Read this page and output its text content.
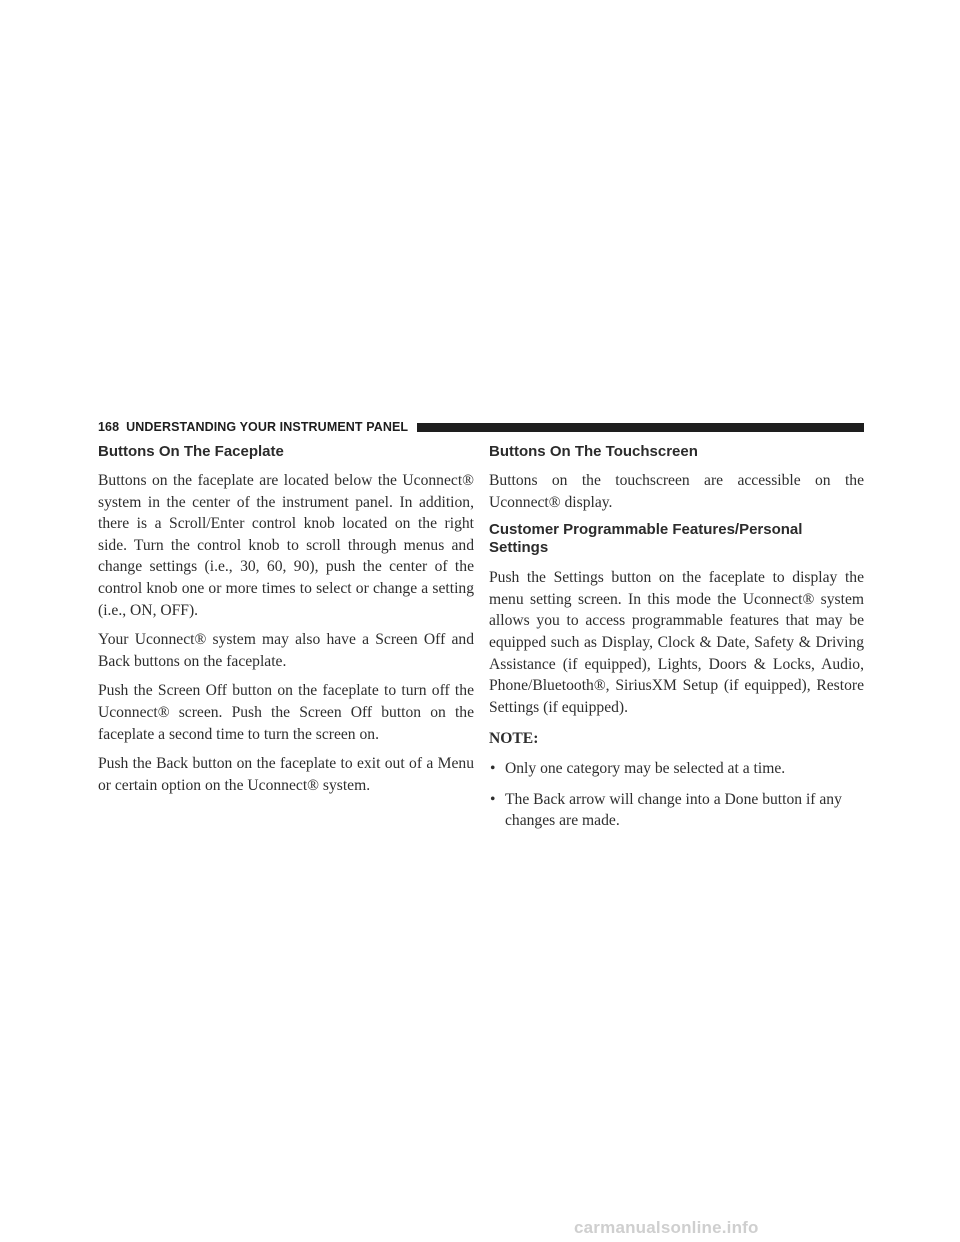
168 UNDERSTANDING YOUR INSTRUMENT PANEL
Buttons On The Faceplate

Buttons on the faceplate are located below the Uconnect® system in the center of the instrument panel. In addition, there is a Scroll/Enter control knob located on the right side. Turn the control knob to scroll through menus and change settings (i.e., 30, 60, 90), push the center of the control knob one or more times to select or change a setting (i.e., ON, OFF).

Your Uconnect® system may also have a Screen Off and Back buttons on the faceplate.

Push the Screen Off button on the faceplate to turn off the Uconnect® screen. Push the Screen Off button on the faceplate a second time to turn the screen on.

Push the Back button on the faceplate to exit out of a Menu or certain option on the Uconnect® system.

Buttons On The Touchscreen

Buttons on the touchscreen are accessible on the Uconnect® display.

Customer Programmable Features/Personal Settings

Push the Settings button on the faceplate to display the menu setting screen. In this mode the Uconnect® system allows you to access programmable features that may be equipped such as Display, Clock & Date, Safety & Driving Assistance (if equipped), Lights, Doors & Locks, Audio, Phone/Bluetooth®, SiriusXM Setup (if equipped), Restore Settings (if equipped).

NOTE:

• Only one category may be selected at a time.
• The Back arrow will change into a Done button if any changes are made.
carmanualsonline.info
